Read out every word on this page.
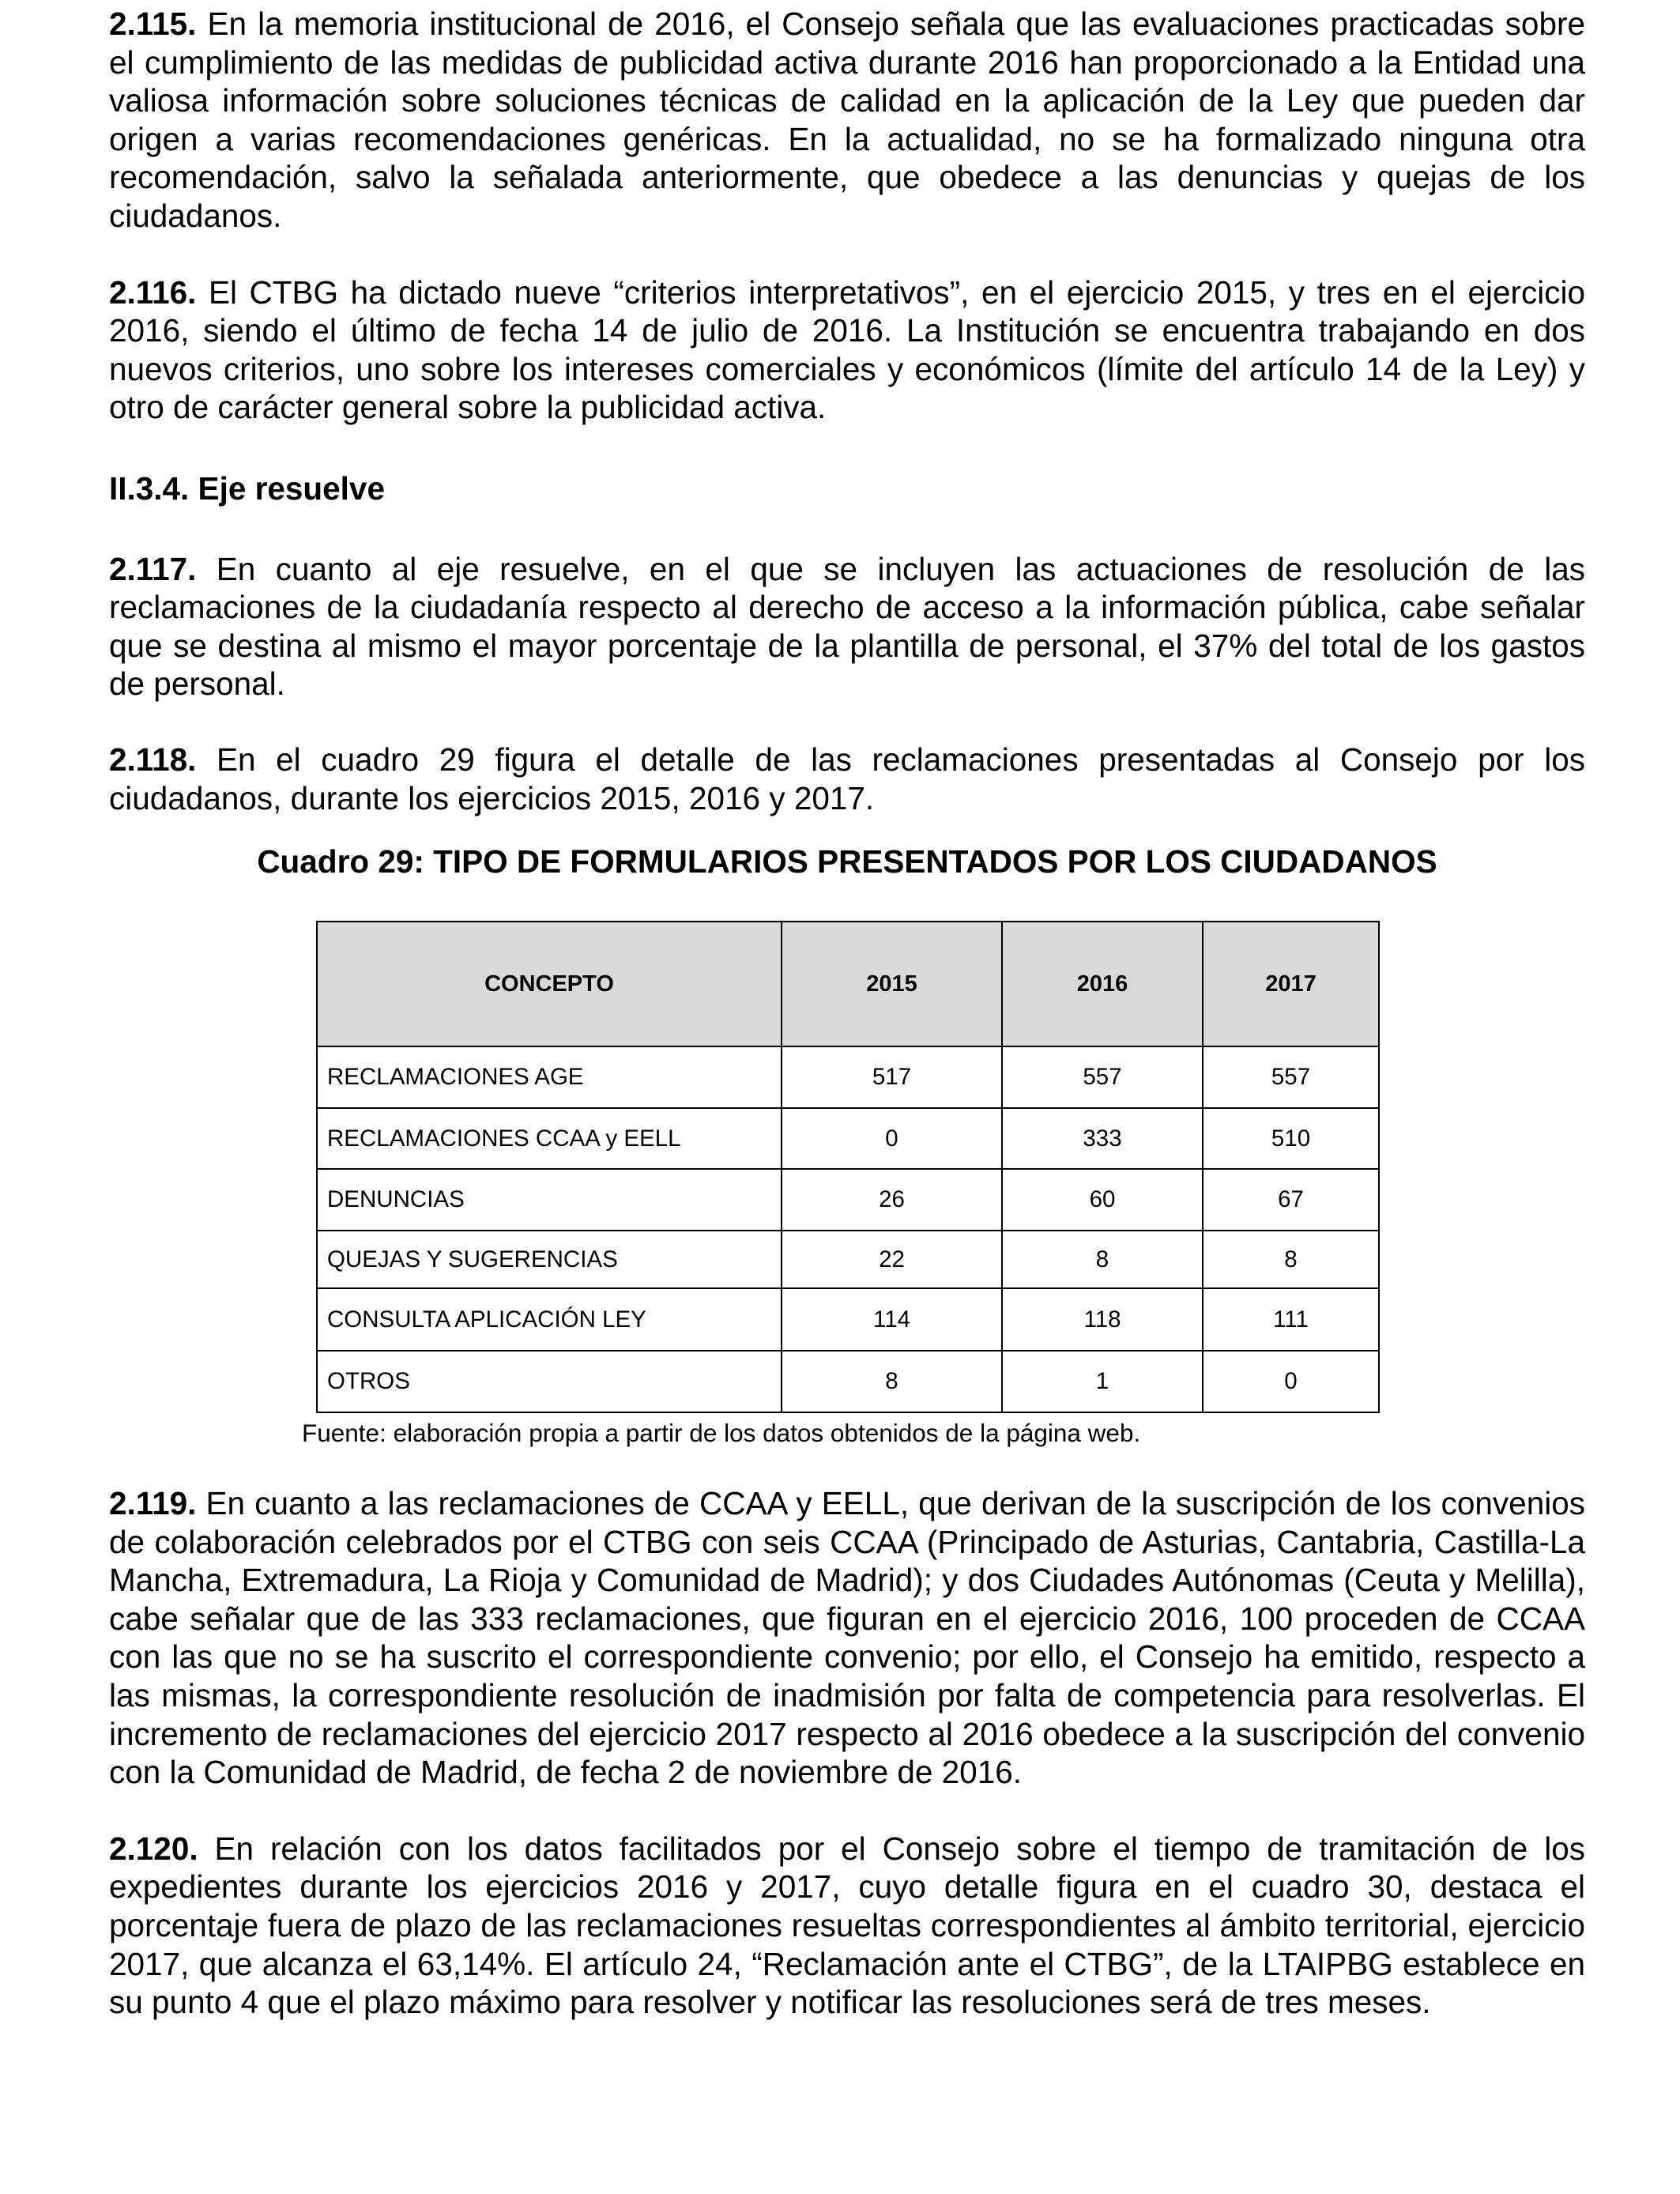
2.115. En la memoria institucional de 2016, el Consejo señala que las evaluaciones practicadas sobre el cumplimiento de las medidas de publicidad activa durante 2016 han proporcionado a la Entidad una valiosa información sobre soluciones técnicas de calidad en la aplicación de la Ley que pueden dar origen a varias recomendaciones genéricas. En la actualidad, no se ha formalizado ninguna otra recomendación, salvo la señalada anteriormente, que obedece a las denuncias y quejas de los ciudadanos.

2.116. El CTBG ha dictado nueve “criterios interpretativos”, en el ejercicio 2015, y tres en el ejercicio 2016, siendo el último de fecha 14 de julio de 2016. La Institución se encuentra trabajando en dos nuevos criterios, uno sobre los intereses comerciales y económicos (límite del artículo 14 de la Ley) y otro de carácter general sobre la publicidad activa.

II.3.4. Eje resuelve

2.117. En cuanto al eje resuelve, en el que se incluyen las actuaciones de resolución de las reclamaciones de la ciudadanía respecto al derecho de acceso a la información pública, cabe señalar que se destina al mismo el mayor porcentaje de la plantilla de personal, el 37% del total de los gastos de personal.

2.118. En el cuadro 29 figura el detalle de las reclamaciones presentadas al Consejo por los ciudadanos, durante los ejercicios 2015, 2016 y 2017.

Cuadro 29: TIPO DE FORMULARIOS PRESENTADOS POR LOS CIUDADANOS

CONCEPTO	2015	2016	2017
RECLAMACIONES AGE	517	557	557
RECLAMACIONES CCAA y EELL	0	333	510
DENUNCIAS	26	60	67
QUEJAS Y SUGERENCIAS	22	8	8
CONSULTA APLICACIÓN LEY	114	118	111
OTROS	8	1	0

Fuente: elaboración propia a partir de los datos obtenidos de la página web.

2.119. En cuanto a las reclamaciones de CCAA y EELL, que derivan de la suscripción de los convenios de colaboración celebrados por el CTBG con seis CCAA (Principado de Asturias, Cantabria, Castilla-La Mancha, Extremadura, La Rioja y Comunidad de Madrid); y dos Ciudades Autónomas (Ceuta y Melilla), cabe señalar que de las 333 reclamaciones, que figuran en el ejercicio 2016, 100 proceden de CCAA con las que no se ha suscrito el correspondiente convenio; por ello, el Consejo ha emitido, respecto a las mismas, la correspondiente resolución de inadmisión por falta de competencia para resolverlas. El incremento de reclamaciones del ejercicio 2017 respecto al 2016 obedece a la suscripción del convenio con la Comunidad de Madrid, de fecha 2 de noviembre de 2016.

2.120. En relación con los datos facilitados por el Consejo sobre el tiempo de tramitación de los expedientes durante los ejercicios 2016 y 2017, cuyo detalle figura en el cuadro 30, destaca el porcentaje fuera de plazo de las reclamaciones resueltas correspondientes al ámbito territorial, ejercicio 2017, que alcanza el 63,14%. El artículo 24, “Reclamación ante el CTBG”, de la LTAIPBG establece en su punto 4 que el plazo máximo para resolver y notificar las resoluciones será de tres meses.
